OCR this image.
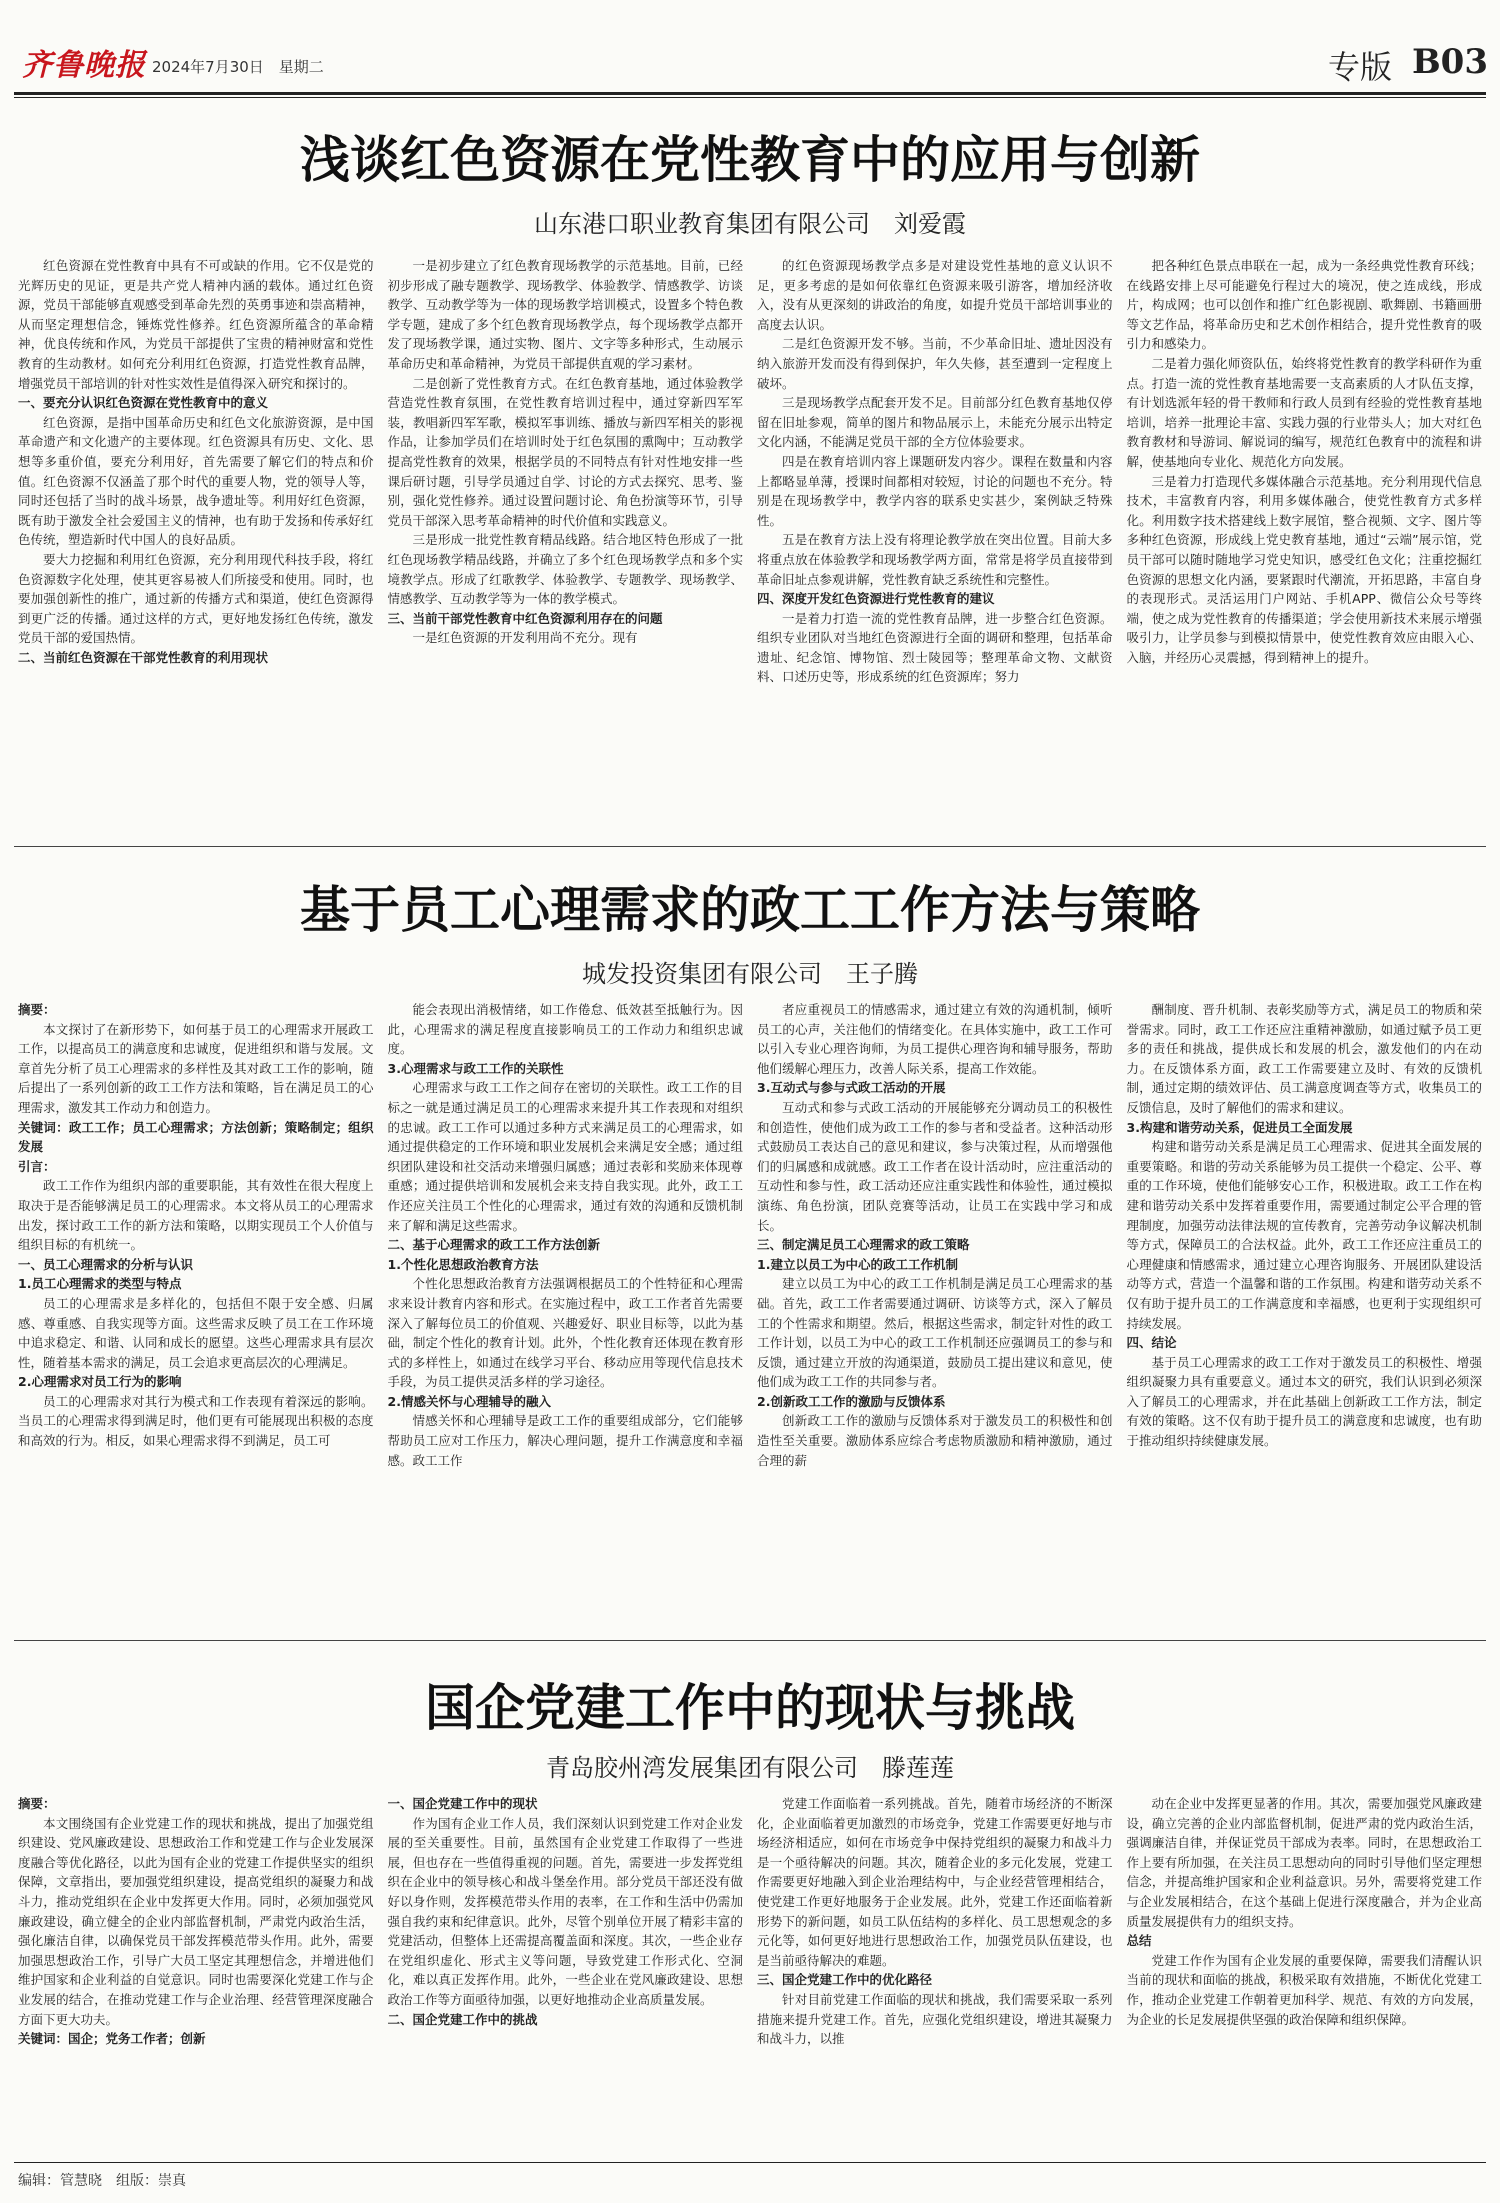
齐鲁晚报 2024年7月30日　星期二	专版 B03
浅谈红色资源在党性教育中的应用与创新
山东港口职业教育集团有限公司　刘爱霞

红色资源在党性教育中具有不可或缺的作用。它不仅是党的光辉历史的见证，更是共产党人精神内涵的载体。通过红色资源，党员干部能够直观感受到革命先烈的英勇事迹和崇高精神，从而坚定理想信念，锤炼党性修养。红色资源所蕴含的革命精神，优良传统和作风，为党员干部提供了宝贵的精神财富和党性教育的生动教材。如何充分利用红色资源，打造党性教育品牌，增强党员干部培训的针对性实效性是值得深入研究和探讨的。

一、要充分认识红色资源在党性教育中的意义

红色资源，是指中国革命历史和红色文化旅游资源，是中国革命遗产和文化遗产的主要体现。红色资源具有历史、文化、思想等多重价值，要充分利用好，首先需要了解它们的特点和价值。红色资源不仅涵盖了那个时代的重要人物，党的领导人等，同时还包括了当时的战斗场景，战争遗址等。利用好红色资源，既有助于激发全社会爱国主义的情神，也有助于发扬和传承好红色传统，塑造新时代中国人的良好品质。

要大力挖掘和利用红色资源，充分利用现代科技手段，将红色资源数字化处理，使其更容易被人们所接受和使用。同时，也要加强创新性的推广，通过新的传播方式和渠道，使红色资源得到更广泛的传播。通过这样的方式，更好地发扬红色传统，激发党员干部的爱国热情。

二、当前红色资源在干部党性教育的利用现状

一是初步建立了红色教育现场教学的示范基地。目前，已经初步形成了融专题教学、现场教学、体验教学、情感教学、访谈教学、互动教学等为一体的现场教学培训模式，设置多个特色教学专题，建成了多个红色教育现场教学点，每个现场教学点都开发了现场教学课，通过实物、图片、文字等多种形式，生动展示革命历史和革命精神，为党员干部提供直观的学习素材。

二是创新了党性教育方式。在红色教育基地，通过体验教学营造党性教育氛围，在党性教育培训过程中，通过穿新四军军装，教唱新四军军歌，模拟军事训练、播放与新四军相关的影视作品，让参加学员们在培训时处于红色氛围的熏陶中；互动教学提高党性教育的效果，根据学员的不同特点有针对性地安排一些课后研讨题，引导学员通过自学、讨论的方式去探究、思考、鉴别，强化党性修养。通过设置问题讨论、角色扮演等环节，引导党员干部深入思考革命精神的时代价值和实践意义。

三是形成一批党性教育精品线路。结合地区特色形成了一批红色现场教学精品线路，并确立了多个红色现场教学点和多个实境教学点。形成了红歌教学、体验教学、专题教学、现场教学、情感教学、互动教学等为一体的教学模式。

三、当前干部党性教育中红色资源利用存在的问题

一是红色资源的开发利用尚不充分。现有

的红色资源现场教学点多是对建设党性基地的意义认识不足，更多考虑的是如何依靠红色资源来吸引游客，增加经济收入，没有从更深刻的讲政治的角度，如提升党员干部培训事业的高度去认识。

二是红色资源开发不够。当前，不少革命旧址、遗址因没有纳入旅游开发而没有得到保护，年久失修，甚至遭到一定程度上破坏。

三是现场教学点配套开发不足。目前部分红色教育基地仅停留在旧址参观，简单的图片和物品展示上，未能充分展示出特定文化内涵，不能满足党员干部的全方位体验要求。

四是在教育培训内容上课题研发内容少。课程在数量和内容上都略显单薄，授课时间都相对较短，讨论的问题也不充分。特别是在现场教学中，教学内容的联系史实甚少，案例缺乏特殊性。

五是在教育方法上没有将理论教学放在突出位置。目前大多将重点放在体验教学和现场教学两方面，常常是将学员直接带到革命旧址点参观讲解，党性教育缺乏系统性和完整性。

四、深度开发红色资源进行党性教育的建议

一是着力打造一流的党性教育品牌，进一步整合红色资源。组织专业团队对当地红色资源进行全面的调研和整理，包括革命遗址、纪念馆、博物馆、烈士陵园等；整理革命文物、文献资料、口述历史等，形成系统的红色资源库；努力

把各种红色景点串联在一起，成为一条经典党性教育环线；在线路安排上尽可能避免行程过大的境况，使之连成线，形成片，构成网；也可以创作和推广红色影视剧、歌舞剧、书籍画册等文艺作品，将革命历史和艺术创作相结合，提升党性教育的吸引力和感染力。

二是着力强化师资队伍，始终将党性教育的教学科研作为重点。打造一流的党性教育基地需要一支高素质的人才队伍支撑，有计划选派年轻的骨干教师和行政人员到有经验的党性教育基地培训，培养一批理论丰富、实践力强的行业带头人；加大对红色教育教材和导游词、解说词的编写，规范红色教育中的流程和讲解，使基地向专业化、规范化方向发展。

三是着力打造现代多媒体融合示范基地。充分利用现代信息技术，丰富教育内容，利用多媒体融合，使党性教育方式多样化。利用数字技术搭建线上数字展馆，整合视频、文字、图片等多种红色资源，形成线上党史教育基地，通过“云端”展示馆，党员干部可以随时随地学习党史知识，感受红色文化；注重挖掘红色资源的思想文化内涵，要紧跟时代潮流，开拓思路，丰富自身的表现形式。灵活运用门户网站、手机APP、微信公众号等终端，使之成为党性教育的传播渠道；学会使用新技术来展示增强吸引力，让学员参与到模拟情景中，使党性教育效应由眼入心、入脑，并经历心灵震撼，得到精神上的提升。

基于员工心理需求的政工工作方法与策略
城发投资集团有限公司　王子腾

摘要：

本文探讨了在新形势下，如何基于员工的心理需求开展政工工作，以提高员工的满意度和忠诚度，促进组织和谐与发展。文章首先分析了员工心理需求的多样性及其对政工工作的影响，随后提出了一系列创新的政工工作方法和策略，旨在满足员工的心理需求，激发其工作动力和创造力。

关键词：政工工作；员工心理需求；方法创新；策略制定；组织发展

引言：

政工工作作为组织内部的重要职能，其有效性在很大程度上取决于是否能够满足员工的心理需求。本文将从员工的心理需求出发，探讨政工工作的新方法和策略，以期实现员工个人价值与组织目标的有机统一。

一、员工心理需求的分析与认识

1.员工心理需求的类型与特点

员工的心理需求是多样化的，包括但不限于安全感、归属感、尊重感、自我实现等方面。这些需求反映了员工在工作环境中追求稳定、和谐、认同和成长的愿望。这些心理需求具有层次性，随着基本需求的满足，员工会追求更高层次的心理满足。

2.心理需求对员工行为的影响

员工的心理需求对其行为模式和工作表现有着深远的影响。当员工的心理需求得到满足时，他们更有可能展现出积极的态度和高效的行为。相反，如果心理需求得不到满足，员工可

能会表现出消极情绪，如工作倦怠、低效甚至抵触行为。因此，心理需求的满足程度直接影响员工的工作动力和组织忠诚度。

3.心理需求与政工工作的关联性

心理需求与政工工作之间存在密切的关联性。政工工作的目标之一就是通过满足员工的心理需求来提升其工作表现和对组织的忠诚。政工工作可以通过多种方式来满足员工的心理需求，如通过提供稳定的工作环境和职业发展机会来满足安全感；通过组织团队建设和社交活动来增强归属感；通过表彰和奖励来体现尊重感；通过提供培训和发展机会来支持自我实现。此外，政工工作还应关注员工个性化的心理需求，通过有效的沟通和反馈机制来了解和满足这些需求。

二、基于心理需求的政工工作方法创新

1.个性化思想政治教育方法

个性化思想政治教育方法强调根据员工的个性特征和心理需求来设计教育内容和形式。在实施过程中，政工工作者首先需要深入了解每位员工的价值观、兴趣爱好、职业目标等，以此为基础，制定个性化的教育计划。此外，个性化教育还体现在教育形式的多样性上，如通过在线学习平台、移动应用等现代信息技术手段，为员工提供灵活多样的学习途径。

2.情感关怀与心理辅导的融入

情感关怀和心理辅导是政工工作的重要组成部分，它们能够帮助员工应对工作压力，解决心理问题，提升工作满意度和幸福感。政工工作

者应重视员工的情感需求，通过建立有效的沟通机制，倾听员工的心声，关注他们的情绪变化。在具体实施中，政工工作可以引入专业心理咨询师，为员工提供心理咨询和辅导服务，帮助他们缓解心理压力，改善人际关系，提高工作效能。

3.互动式与参与式政工活动的开展

互动式和参与式政工活动的开展能够充分调动员工的积极性和创造性，使他们成为政工工作的参与者和受益者。这种活动形式鼓励员工表达自己的意见和建议，参与决策过程，从而增强他们的归属感和成就感。政工工作者在设计活动时，应注重活动的互动性和参与性，政工活动还应注重实践性和体验性，通过模拟演练、角色扮演，团队竞赛等活动，让员工在实践中学习和成长。

三、制定满足员工心理需求的政工策略

1.建立以员工为中心的政工工作机制

建立以员工为中心的政工工作机制是满足员工心理需求的基础。首先，政工工作者需要通过调研、访谈等方式，深入了解员工的个性需求和期望。然后，根据这些需求，制定针对性的政工工作计划，以员工为中心的政工工作机制还应强调员工的参与和反馈，通过建立开放的沟通渠道，鼓励员工提出建议和意见，使他们成为政工工作的共同参与者。

2.创新政工工作的激励与反馈体系

创新政工工作的激励与反馈体系对于激发员工的积极性和创造性至关重要。激励体系应综合考虑物质激励和精神激励，通过合理的薪

酬制度、晋升机制、表彰奖励等方式，满足员工的物质和荣誉需求。同时，政工工作还应注重精神激励，如通过赋予员工更多的责任和挑战，提供成长和发展的机会，激发他们的内在动力。在反馈体系方面，政工工作需要建立及时、有效的反馈机制，通过定期的绩效评估、员工满意度调查等方式，收集员工的反馈信息，及时了解他们的需求和建议。

3.构建和谐劳动关系，促进员工全面发展

构建和谐劳动关系是满足员工心理需求、促进其全面发展的重要策略。和谐的劳动关系能够为员工提供一个稳定、公平、尊重的工作环境，使他们能够安心工作，积极进取。政工工作在构建和谐劳动关系中发挥着重要作用，需要通过制定公平合理的管理制度，加强劳动法律法规的宣传教育，完善劳动争议解决机制等方式，保障员工的合法权益。此外，政工工作还应注重员工的心理健康和情感需求，通过建立心理咨询服务、开展团队建设活动等方式，营造一个温馨和谐的工作氛围。构建和谐劳动关系不仅有助于提升员工的工作满意度和幸福感，也更利于实现组织可持续发展。

四、结论

基于员工心理需求的政工工作对于激发员工的积极性、增强组织凝聚力具有重要意义。通过本文的研究，我们认识到必须深入了解员工的心理需求，并在此基础上创新政工工作方法，制定有效的策略。这不仅有助于提升员工的满意度和忠诚度，也有助于推动组织持续健康发展。

国企党建工作中的现状与挑战
青岛胶州湾发展集团有限公司　滕莲莲

摘要：

本文围绕国有企业党建工作的现状和挑战，提出了加强党组织建设、党风廉政建设、思想政治工作和党建工作与企业发展深度融合等优化路径，以此为国有企业的党建工作提供坚实的组织保障，文章指出，要加强党组织建设，提高党组织的凝聚力和战斗力，推动党组织在企业中发挥更大作用。同时，必须加强党风廉政建设，确立健全的企业内部监督机制，严肃党内政治生活，强化廉洁自律，以确保党员干部发挥模范带头作用。此外，需要加强思想政治工作，引导广大员工坚定其理想信念，并增进他们维护国家和企业利益的自觉意识。同时也需要深化党建工作与企业发展的结合，在推动党建工作与企业治理、经营管理深度融合方面下更大功夫。

关键词：国企；党务工作者；创新

一、国企党建工作中的现状

作为国有企业工作人员，我们深刻认识到党建工作对企业发展的至关重要性。目前，虽然国有企业党建工作取得了一些进展，但也存在一些值得重视的问题。首先，需要进一步发挥党组织在企业中的领导核心和战斗堡垒作用。部分党员干部还没有做好以身作则，发挥模范带头作用的表率，在工作和生活中仍需加强自我约束和纪律意识。此外，尽管个别单位开展了精彩丰富的党建活动，但整体上还需提高覆盖面和深度。其次，一些企业存在党组织虚化、形式主义等问题，导致党建工作形式化、空洞化，难以真正发挥作用。此外，一些企业在党风廉政建设、思想政治工作等方面亟待加强，以更好地推动企业高质量发展。

二、国企党建工作中的挑战

党建工作面临着一系列挑战。首先，随着市场经济的不断深化，企业面临着更加激烈的市场竞争，党建工作需要更好地与市场经济相适应，如何在市场竞争中保持党组织的凝聚力和战斗力是一个亟待解决的问题。其次，随着企业的多元化发展，党建工作需要更好地融入到企业治理结构中，与企业经营管理相结合，使党建工作更好地服务于企业发展。此外，党建工作还面临着新形势下的新问题，如员工队伍结构的多样化、员工思想观念的多元化等，如何更好地进行思想政治工作，加强党员队伍建设，也是当前亟待解决的难题。

三、国企党建工作中的优化路径

针对目前党建工作面临的现状和挑战，我们需要采取一系列措施来提升党建工作。首先，应强化党组织建设，增进其凝聚力和战斗力，以推

动在企业中发挥更显著的作用。其次，需要加强党风廉政建设，确立完善的企业内部监督机制，促进严肃的党内政治生活，强调廉洁自律，并保证党员干部成为表率。同时，在思想政治工作上要有所加强，在关注员工思想动向的同时引导他们坚定理想信念，并提高维护国家和企业利益意识。另外，需要将党建工作与企业发展相结合，在这个基础上促进行深度融合，并为企业高质量发展提供有力的组织支持。

总结

党建工作作为国有企业发展的重要保障，需要我们清醒认识当前的现状和面临的挑战，积极采取有效措施，不断优化党建工作，推动企业党建工作朝着更加科学、规范、有效的方向发展，为企业的长足发展提供坚强的政治保障和组织保障。

编辑：管慧晓　组版：崇真
